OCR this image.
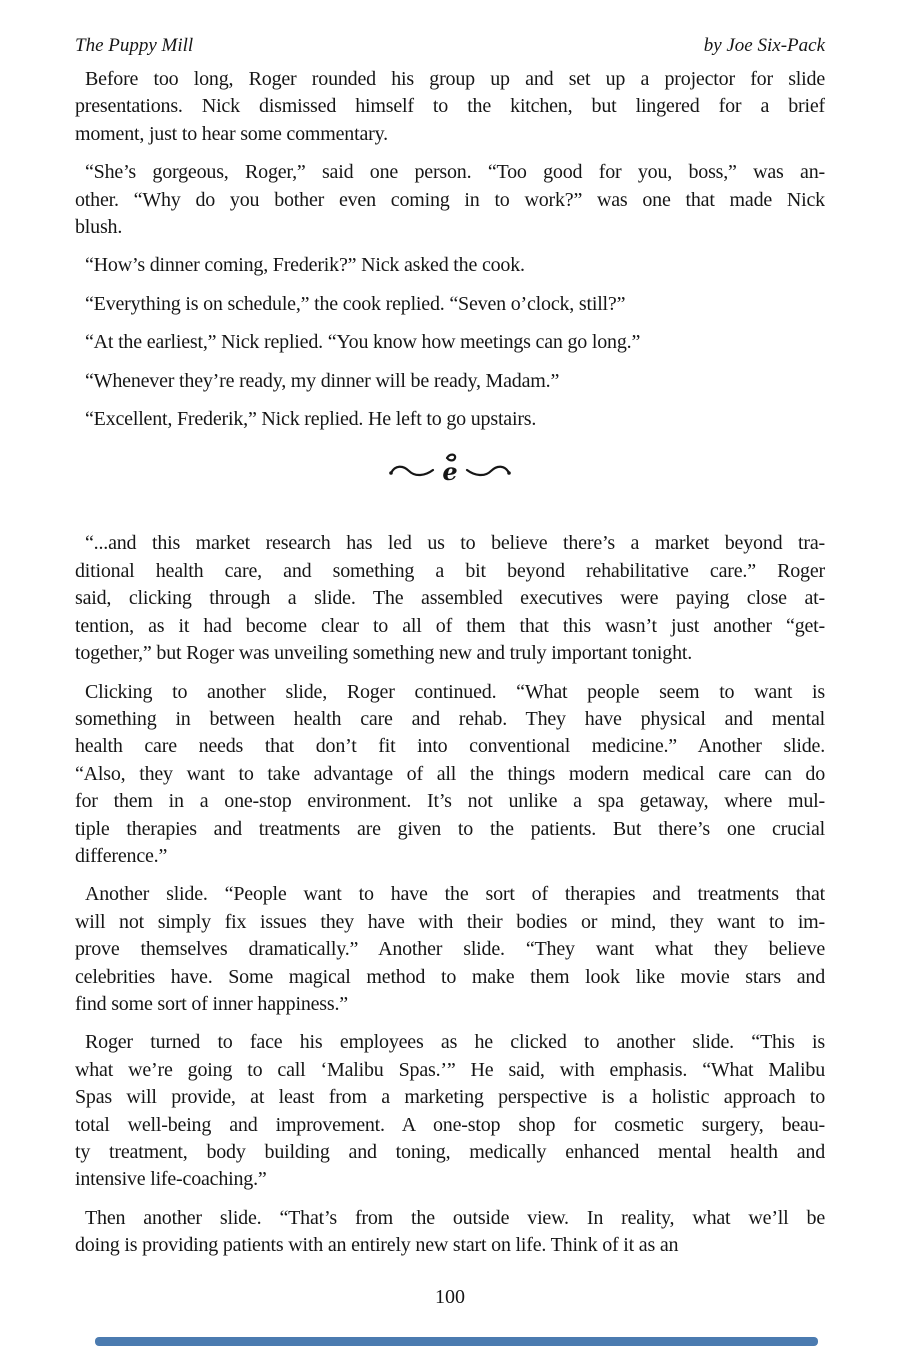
The Puppy Mill	by Joe Six-Pack
Before too long, Roger rounded his group up and set up a projector for slide
presentations. Nick dismissed himself to the kitchen, but lingered for a brief
moment, just to hear some commentary.
“She’s gorgeous, Roger,” said one person. “Too good for you, boss,” was an-
other. “Why do you bother even coming in to work?” was one that made Nick
blush.
“How’s dinner coming, Frederik?” Nick asked the cook.
“Everything is on schedule,” the cook replied. “Seven o’clock, still?”
“At the earliest,” Nick replied. “You know how meetings can go long.”
“Whenever they’re ready, my dinner will be ready, Madam.”
“Excellent, Frederik,” Nick replied. He left to go upstairs.
e
“...and this market research has led us to believe there’s a market beyond tra-
ditional health care, and something a bit beyond rehabilitative care.” Roger
said, clicking through a slide. The assembled executives were paying close at-
tention, as it had become clear to all of them that this wasn’t just another “get-
together,” but Roger was unveiling something new and truly important tonight.
Clicking to another slide, Roger continued. “What people seem to want is
something in between health care and rehab. They have physical and mental
health care needs that don’t fit into conventional medicine.” Another slide.
“Also, they want to take advantage of all the things modern medical care can do
for them in a one-stop environment. It’s not unlike a spa getaway, where mul-
tiple therapies and treatments are given to the patients. But there’s one crucial
difference.”
Another slide. “People want to have the sort of therapies and treatments that
will not simply fix issues they have with their bodies or mind, they want to im-
prove themselves dramatically.” Another slide. “They want what they believe
celebrities have. Some magical method to make them look like movie stars and
find some sort of inner happiness.”
Roger turned to face his employees as he clicked to another slide. “This is
what we’re going to call ‘Malibu Spas.’” He said, with emphasis. “What Malibu
Spas will provide, at least from a marketing perspective is a holistic approach to
total well-being and improvement. A one-stop shop for cosmetic surgery, beau-
ty treatment, body building and toning, medically enhanced mental health and
intensive life-coaching.”
Then another slide. “That’s from the outside view. In reality, what we’ll be
doing is providing patients with an entirely new start on life. Think of it as an
100
